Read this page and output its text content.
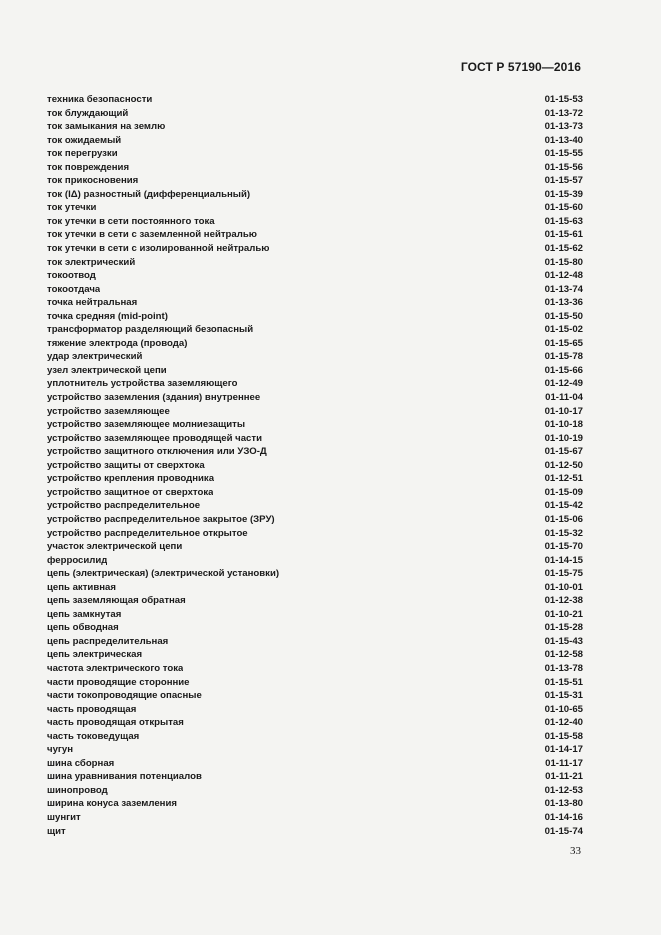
ГОСТ Р 57190—2016
техника безопасности	01-15-53
ток блуждающий	01-13-72
ток замыкания на землю	01-13-73
ток ожидаемый	01-13-40
ток перегрузки	01-15-55
ток повреждения	01-15-56
ток прикосновения	01-15-57
ток (IΔ) разностный (дифференциальный)	01-15-39
ток утечки	01-15-60
ток утечки в сети постоянного тока	01-15-63
ток утечки в сети с заземленной нейтралью	01-15-61
ток утечки в сети с изолированной нейтралью	01-15-62
ток электрический	01-15-80
токоотвод	01-12-48
токоотдача	01-13-74
точка нейтральная	01-13-36
точка средняя (mid-point)	01-15-50
трансформатор разделяющий безопасный	01-15-02
тяжение электрода (провода)	01-15-65
удар электрический	01-15-78
узел электрической цепи	01-15-66
уплотнитель устройства заземляющего	01-12-49
устройство заземления (здания) внутреннее	01-11-04
устройство заземляющее	01-10-17
устройство заземляющее молниезащиты	01-10-18
устройство заземляющее проводящей части	01-10-19
устройство защитного отключения или УЗО-Д	01-15-67
устройство защиты от сверхтока	01-12-50
устройство крепления проводника	01-12-51
устройство защитное от сверхтока	01-15-09
устройство распределительное	01-15-42
устройство распределительное закрытое (ЗРУ)	01-15-06
устройство распределительное открытое	01-15-32
участок электрической цепи	01-15-70
ферросилид	01-14-15
цепь (электрическая) (электрической установки)	01-15-75
цепь активная	01-10-01
цепь заземляющая обратная	01-12-38
цепь замкнутая	01-10-21
цепь обводная	01-15-28
цепь распределительная	01-15-43
цепь электрическая	01-12-58
частота электрического тока	01-13-78
части проводящие сторонние	01-15-51
части токопроводящие опасные	01-15-31
часть проводящая	01-10-65
часть проводящая открытая	01-12-40
часть токоведущая	01-15-58
чугун	01-14-17
шина сборная	01-11-17
шина уравнивания потенциалов	01-11-21
шинопровод	01-12-53
ширина конуса заземления	01-13-80
шунгит	01-14-16
щит	01-15-74
33
